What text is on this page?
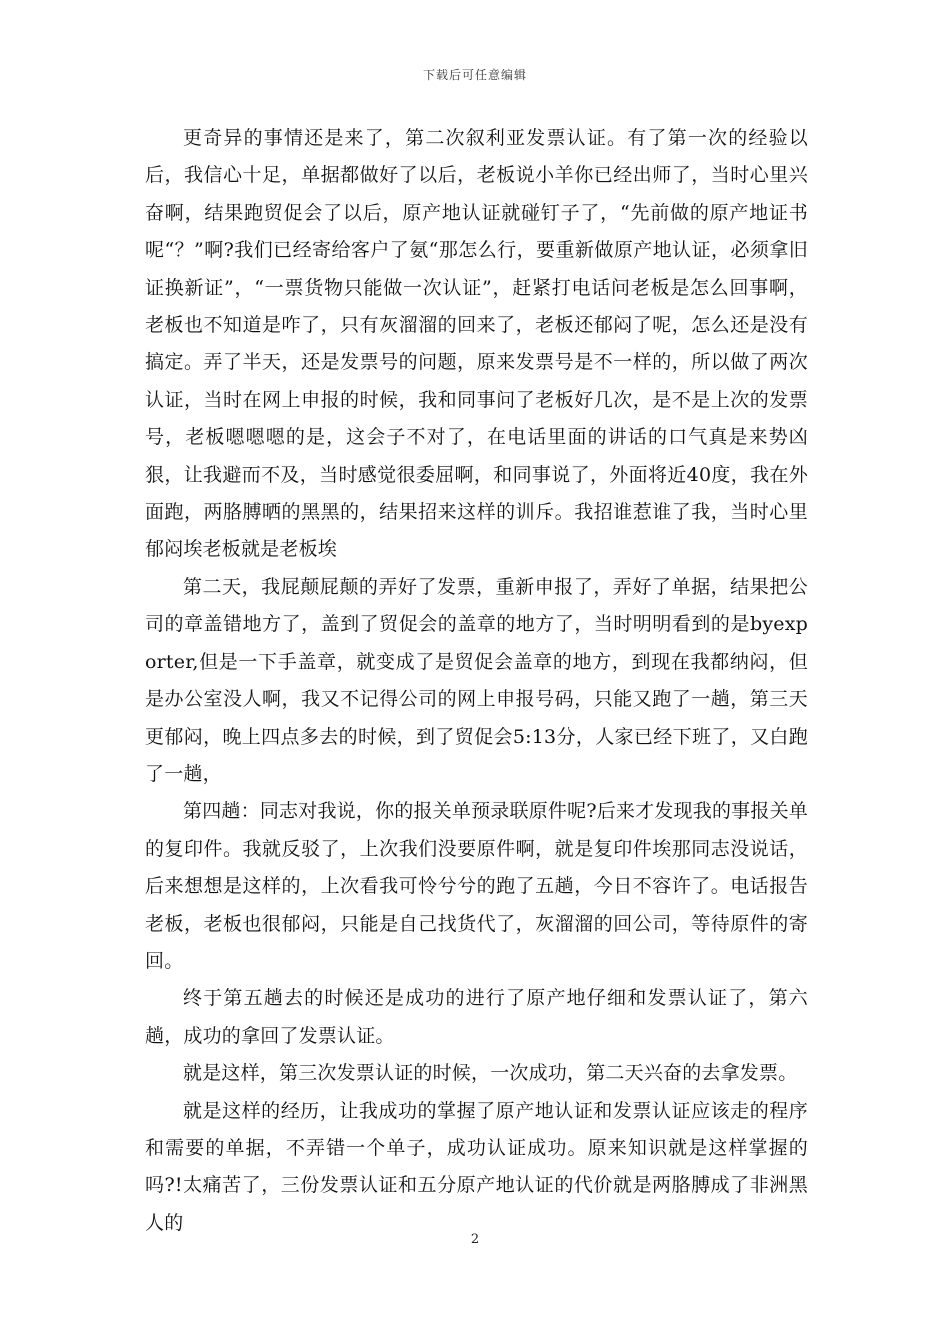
下载后可任意编辑

更奇异的事情还是来了，第二次叙利亚发票认证。有了第一次的经验以后，我信心十足，单据都做好了以后，老板说小羊你已经出师了，当时心里兴奋啊，结果跑贸促会了以后，原产地认证就碰钉子了，“先前做的原产地证书呢“？”啊?我们已经寄给客户了氨“那怎么行，要重新做原产地认证，必须拿旧证换新证”，“一票货物只能做一次认证”，赶紧打电话问老板是怎么回事啊，老板也不知道是咋了，只有灰溜溜的回来了，老板还郁闷了呢，怎么还是没有搞定。弄了半天，还是发票号的问题，原来发票号是不一样的，所以做了两次认证，当时在网上申报的时候，我和同事问了老板好几次，是不是上次的发票号，老板嗯嗯嗯的是，这会子不对了，在电话里面的讲话的口气真是来势凶狠，让我避而不及，当时感觉很委屈啊，和同事说了，外面将近40度，我在外面跑，两胳膊晒的黑黑的，结果招来这样的训斥。我招谁惹谁了我，当时心里郁闷埃老板就是老板埃

第二天，我屁颠屁颠的弄好了发票，重新申报了，弄好了单据，结果把公司的章盖错地方了，盖到了贸促会的盖章的地方了，当时明明看到的是byexporter,但是一下手盖章，就变成了是贸促会盖章的地方，到现在我都纳闷，但是办公室没人啊，我又不记得公司的网上申报号码，只能又跑了一趟，第三天更郁闷，晚上四点多去的时候，到了贸促会5:13分，人家已经下班了，又白跑了一趟，

第四趟：同志对我说，你的报关单预录联原件呢?后来才发现我的事报关单的复印件。我就反驳了，上次我们没要原件啊，就是复印件埃那同志没说话，后来想想是这样的，上次看我可怜兮兮的跑了五趟，今日不容许了。电话报告老板，老板也很郁闷，只能是自己找货代了，灰溜溜的回公司，等待原件的寄回。

终于第五趟去的时候还是成功的进行了原产地仔细和发票认证了，第六趟，成功的拿回了发票认证。

就是这样，第三次发票认证的时候，一次成功，第二天兴奋的去拿发票。

就是这样的经历，让我成功的掌握了原产地认证和发票认证应该走的程序和需要的单据，不弄错一个单子，成功认证成功。原来知识就是这样掌握的吗?!太痛苦了，三份发票认证和五分原产地认证的代价就是两胳膊成了非洲黑人的

2
